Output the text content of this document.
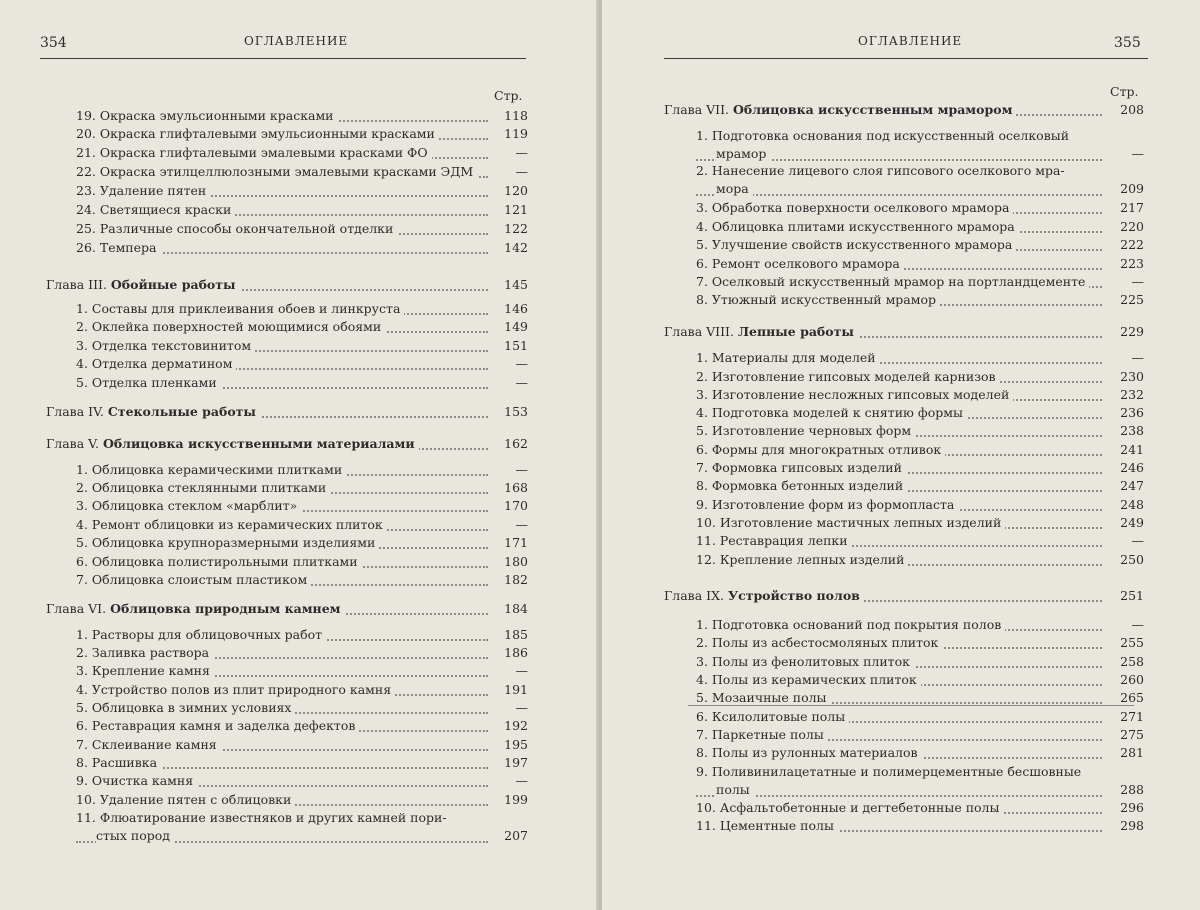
354	ОГЛАВЛЕНИЕ
Стр.
19. Окраска эмульсионными красками	118
20. Окраска глифталевыми эмульсионными красками	119
21. Окраска глифталевыми эмалевыми красками ФО	—
22. Окраска этилцеллюлозными эмалевыми красками ЭДМ	—
23. Удаление пятен	120
24. Светящиеся краски	121
25. Различные способы окончательной отделки	122
26. Темпера	142
Глава III. Обойные работы	145
1. Составы для приклеивания обоев и линкруста	146
2. Оклейка поверхностей моющимися обоями	149
3. Отделка текстовинитом	151
4. Отделка дерматином	—
5. Отделка пленками	—
Глава IV. Стекольные работы	153
Глава V. Облицовка искусственными материалами	162
1. Облицовка керамическими плитками	—
2. Облицовка стеклянными плитками	168
3. Облицовка стеклом «марблит»	170
4. Ремонт облицовки из керамических плиток	—
5. Облицовка крупноразмерными изделиями	171
6. Облицовка полистирольными плитками	180
7. Облицовка слоистым пластиком	182
Глава VI. Облицовка природным камнем	184
1. Растворы для облицовочных работ	185
2. Заливка раствора	186
3. Крепление камня	—
4. Устройство полов из плит природного камня	191
5. Облицовка в зимних условиях	—
6. Реставрация камня и заделка дефектов	192
7. Склеивание камня	195
8. Расшивка	197
9. Очистка камня	—
10. Удаление пятен с облицовки	199
11. Флюатирование известняков и других камней пори-
стых пород	207
ОГЛАВЛЕНИЕ	355
Стр.
Глава VII. Облицовка искусственным мрамором	208
1. Подготовка основания под искусственный оселковый
мрамор	—
2. Нанесение лицевого слоя гипсового оселкового мра-
мора	209
3. Обработка поверхности оселкового мрамора	217
4. Облицовка плитами искусственного мрамора	220
5. Улучшение свойств искусственного мрамора	222
6. Ремонт оселкового мрамора	223
7. Оселковый искусственный мрамор на портландцементе	—
8. Утюжный искусственный мрамор	225
Глава VIII. Лепные работы	229
1. Материалы для моделей	—
2. Изготовление гипсовых моделей карнизов	230
3. Изготовление несложных гипсовых моделей	232
4. Подготовка моделей к снятию формы	236
5. Изготовление черновых форм	238
6. Формы для многократных отливок	241
7. Формовка гипсовых изделий	246
8. Формовка бетонных изделий	247
9. Изготовление форм из формопласта	248
10. Изготовление мастичных лепных изделий	249
11. Реставрация лепки	—
12. Крепление лепных изделий	250
Глава IX. Устройство полов	251
1. Подготовка оснований под покрытия полов	—
2. Полы из асбестосмоляных плиток	255
3. Полы из фенолитовых плиток	258
4. Полы из керамических плиток	260
5. Мозаичные полы	265
6. Ксилолитовые полы	271
7. Паркетные полы	275
8. Полы из рулонных материалов	281
9. Поливинилацетатные и полимерцементные бесшовные
полы	288
10. Асфальтобетонные и дегтебетонные полы	296
11. Цементные полы	298
